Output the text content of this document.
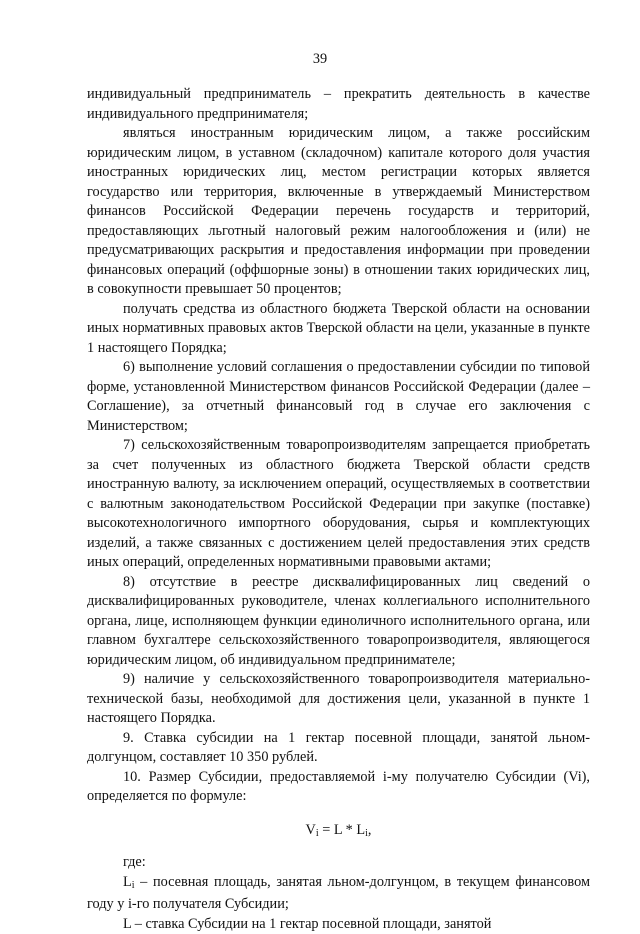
39

индивидуальный предприниматель – прекратить деятельность в качестве индивидуального предпринимателя;

являться иностранным юридическим лицом, а также российским юридическим лицом, в уставном (складочном) капитале которого доля участия иностранных юридических лиц, местом регистрации которых является государство или территория, включенные в утверждаемый Министерством финансов Российской Федерации перечень государств и территорий, предоставляющих льготный налоговый режим налогообложения и (или) не предусматривающих раскрытия и предоставления информации при проведении финансовых операций (оффшорные зоны) в отношении таких юридических лиц, в совокупности превышает 50 процентов;

получать средства из областного бюджета Тверской области на основании иных нормативных правовых актов Тверской области на цели, указанные в пункте 1 настоящего Порядка;

6) выполнение условий соглашения о предоставлении субсидии по типовой форме, установленной Министерством финансов Российской Федерации (далее – Соглашение), за отчетный финансовый год в случае его заключения с Министерством;

7) сельскохозяйственным товаропроизводителям запрещается приобретать за счет полученных из областного бюджета Тверской области средств иностранную валюту, за исключением операций, осуществляемых в соответствии с валютным законодательством Российской Федерации при закупке (поставке) высокотехнологичного импортного оборудования, сырья и комплектующих изделий, а также связанных с достижением целей предоставления этих средств иных операций, определенных нормативными правовыми актами;

8) отсутствие в реестре дисквалифицированных лиц сведений о дисквалифицированных руководителе, членах коллегиального исполнительного органа, лице, исполняющем функции единоличного исполнительного органа, или главном бухгалтере сельскохозяйственного товаропроизводителя, являющегося юридическим лицом, об индивидуальном предпринимателе;

9) наличие у сельскохозяйственного товаропроизводителя материально-технической базы, необходимой для достижения цели, указанной в пункте 1 настоящего Порядка.

9. Ставка субсидии на 1 гектар посевной площади, занятой льном-долгунцом, составляет 10 350 рублей.

10. Размер Субсидии, предоставляемой i-му получателю Субсидии (Vi), определяется по формуле:

$V_i = L * L_i$,

где:

$L_i$ – посевная площадь, занятая льном-долгунцом, в текущем финансовом году у i-го получателя Субсидии;

L – ставка Субсидии на 1 гектар посевной площади, занятой
